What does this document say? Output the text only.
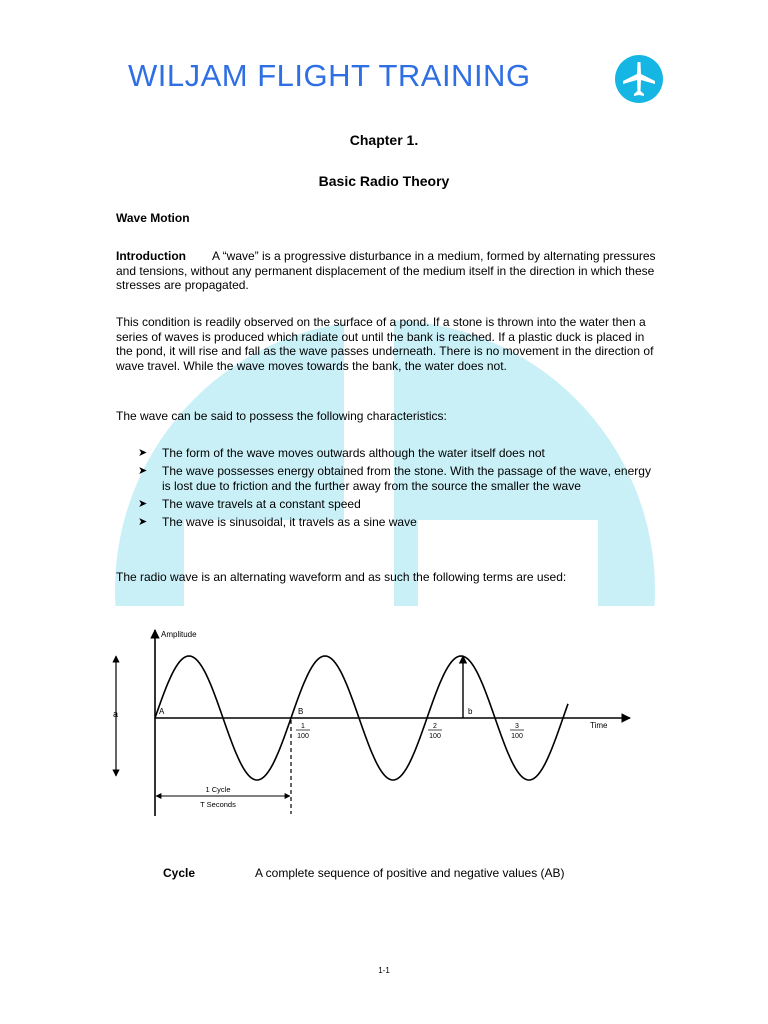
WILJAM FLIGHT TRAINING
Chapter 1.
Basic Radio Theory
Wave Motion
Introduction A “wave” is a progressive disturbance in a medium, formed by alternating pressures and tensions, without any permanent displacement of the medium itself in the direction in which these stresses are propagated.
This condition is readily observed on the surface of a pond. If a stone is thrown into the water then a series of waves is produced which radiate out until the bank is reached. If a plastic duck is placed in the pond, it will rise and fall as the wave passes underneath. There is no movement in the direction of wave travel. While the wave moves towards the bank, the water does not.
The wave can be said to possess the following characteristics:
➤ The form of the wave moves outwards although the water itself does not
➤ The wave possesses energy obtained from the stone. With the passage of the wave, energy is lost due to friction and the further away from the source the smaller the wave
➤ The wave travels at a constant speed
➤ The wave is sinusoidal, it travels as a sine wave
The radio wave is an alternating waveform and as such the following terms are used:
Amplitude
Time
a	A	B	b
1
100
2
100
3
100
1 Cycle
T Seconds
Cycle	A complete sequence of positive and negative values (AB)
1-1
